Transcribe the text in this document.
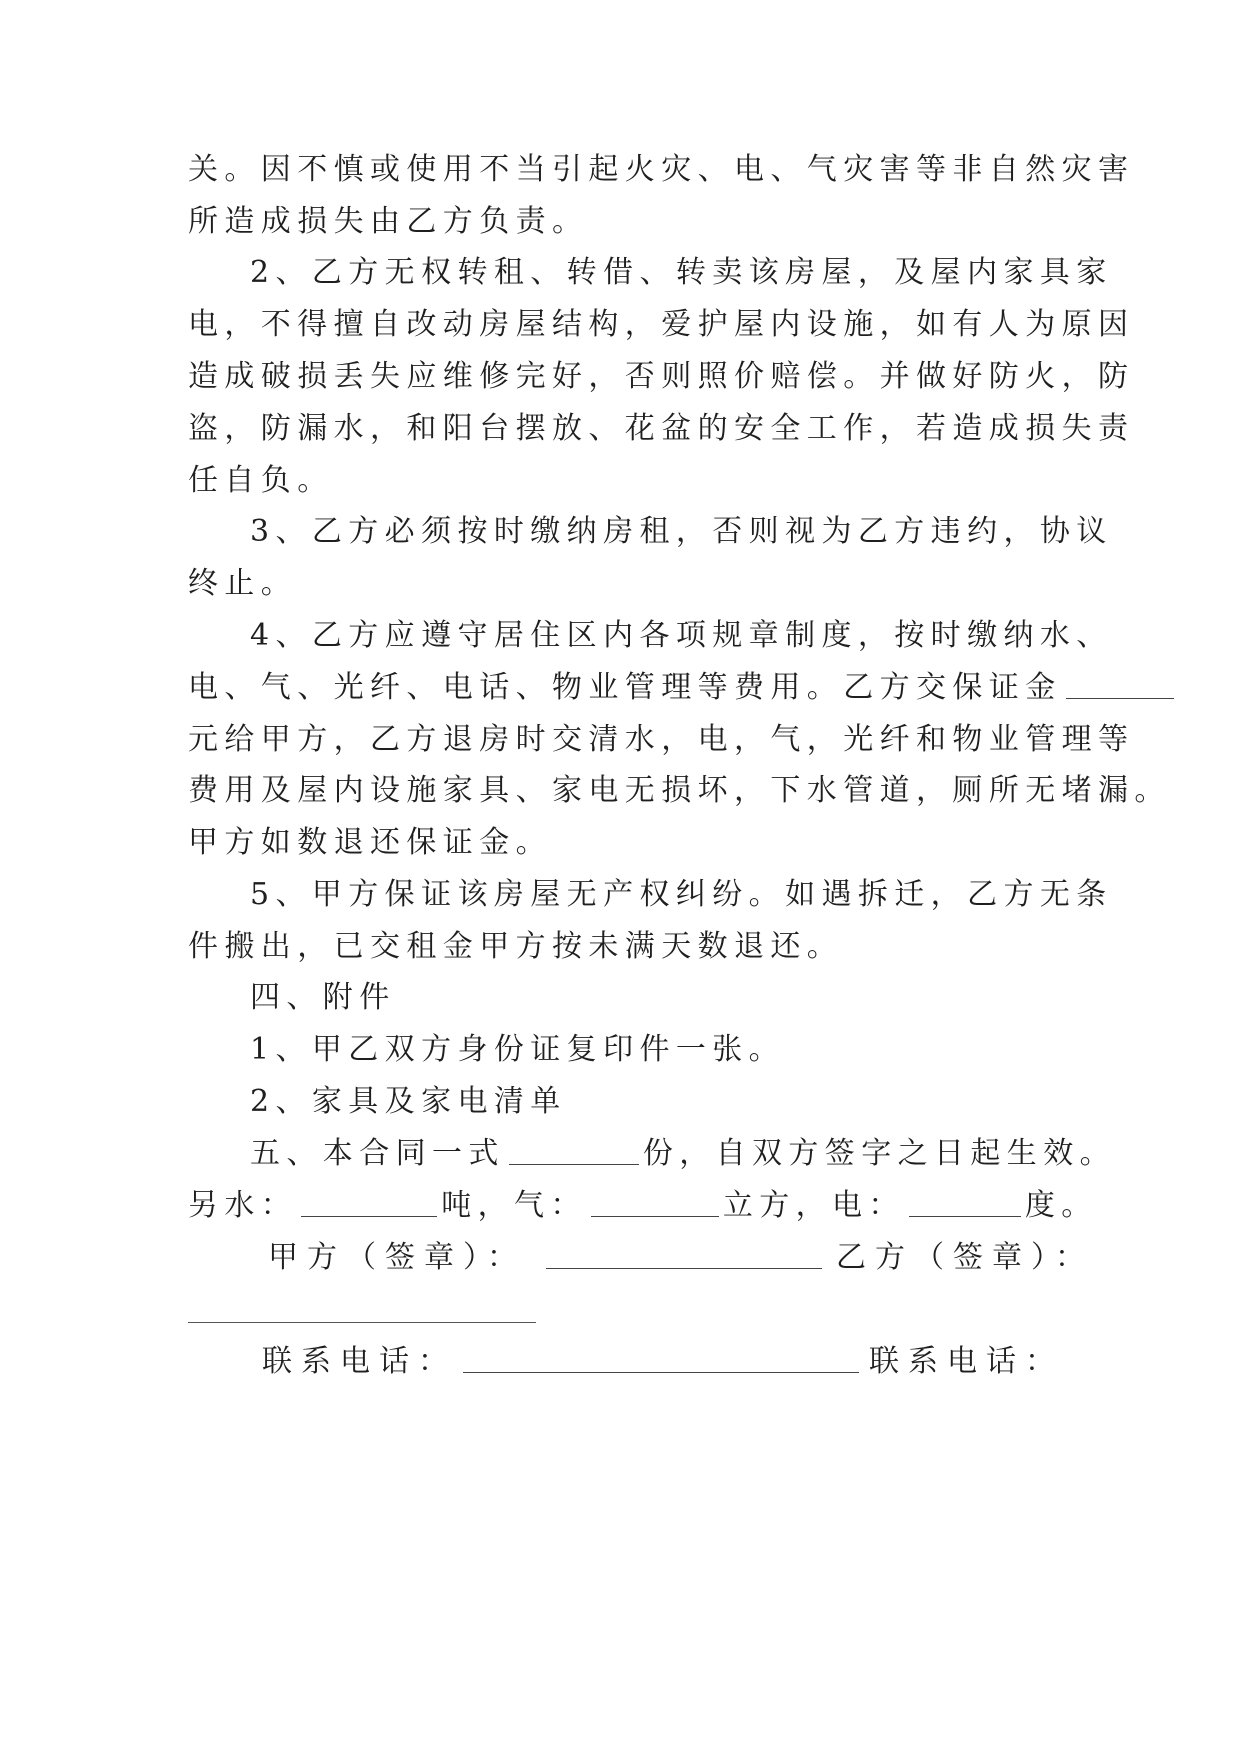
关。因不慎或使用不当引起火灾、电、气灾害等非自然灾害
所造成损失由乙方负责。
2、乙方无权转租、转借、转卖该房屋，及屋内家具家
电，不得擅自改动房屋结构，爱护屋内设施，如有人为原因
造成破损丢失应维修完好，否则照价赔偿。并做好防火，防
盗，防漏水，和阳台摆放、花盆的安全工作，若造成损失责
任自负。
3、乙方必须按时缴纳房租，否则视为乙方违约，协议
终止。
4、乙方应遵守居住区内各项规章制度，按时缴纳水、
电、气、光纤、电话、物业管理等费用。乙方交保证金
元给甲方，乙方退房时交清水，电，气，光纤和物业管理等
费用及屋内设施家具、家电无损坏，下水管道，厕所无堵漏。
甲方如数退还保证金。
5、甲方保证该房屋无产权纠纷。如遇拆迁，乙方无条
件搬出，已交租金甲方按未满天数退还。
四、附件
1、甲乙双方身份证复印件一张。
2、家具及家电清单
五、本合同一式	份，自双方签字之日起生效。
另水：	吨，气：	立方，电：	度。
甲方（签章）：	乙方（签章）：
联系电话：	联系电话：
